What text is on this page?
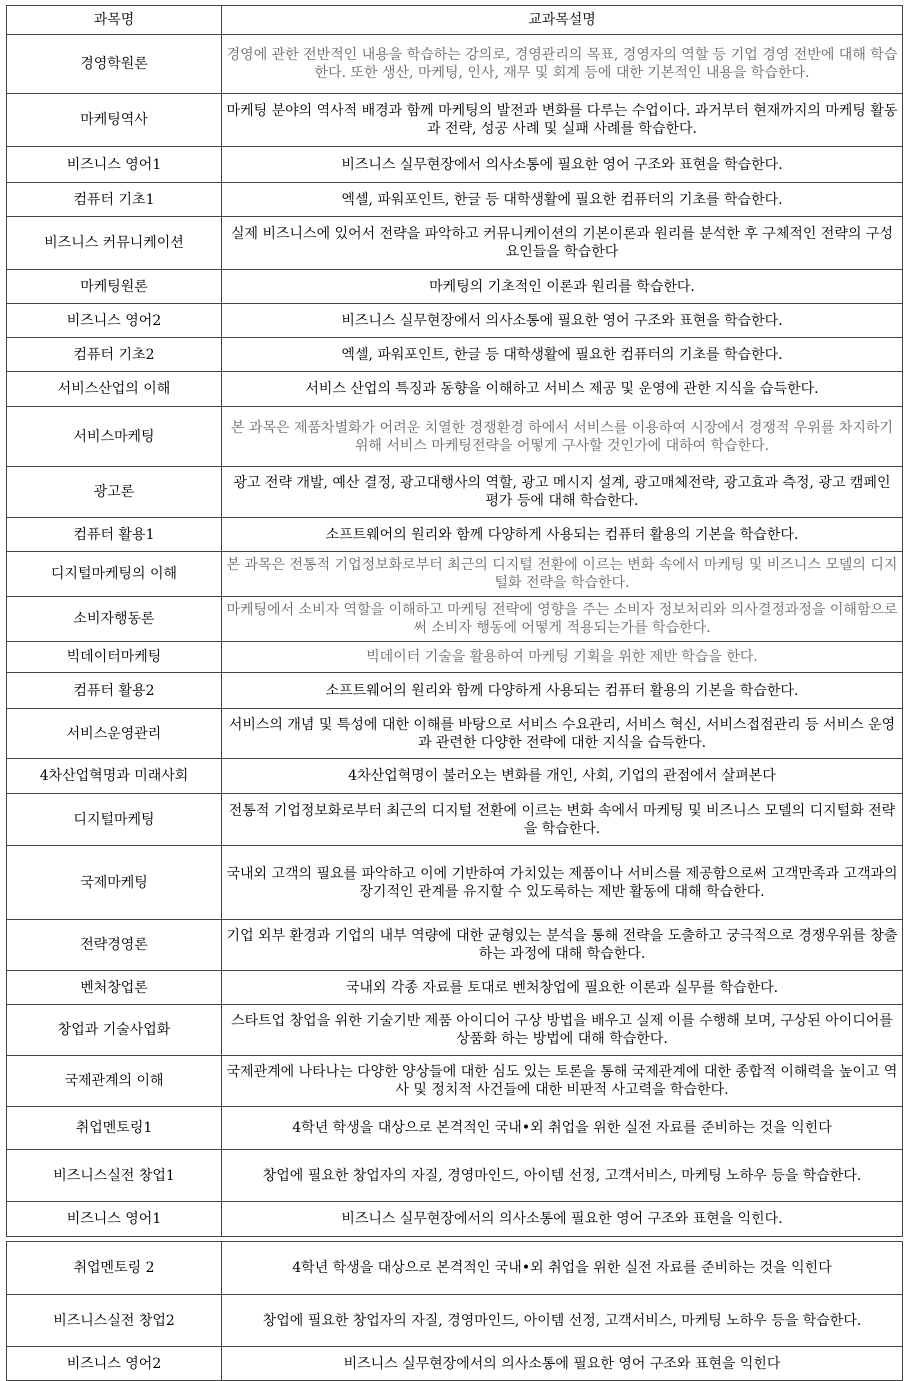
과목명	교과목설명
경영학원론	경영에 관한 전반적인 내용을 학습하는 강의로, 경영관리의 목표, 경영자의 역할 등 기업 경영 전반에 대해 학습한다. 또한 생산, 마케팅, 인사, 재무 및 회계 등에 대한 기본적인 내용을 학습한다.
마케팅역사	마케팅 분야의 역사적 배경과 함께 마케팅의 발전과 변화를 다루는 수업이다. 과거부터 현재까지의 마케팅 활동과 전략, 성공 사례 및 실패 사례를 학습한다.
비즈니스 영어1	비즈니스 실무현장에서 의사소통에 필요한 영어 구조와 표현을 학습한다.
컴퓨터 기초1	엑셀, 파워포인트, 한글 등 대학생활에 필요한 컴퓨터의 기초를 학습한다.
비즈니스 커뮤니케이션	실제 비즈니스에 있어서 전략을 파악하고 커뮤니케이션의 기본이론과 원리를 분석한 후 구체적인 전략의 구성요인들을 학습한다
마케팅원론	마케팅의 기초적인 이론과 원리를 학습한다.
비즈니스 영어2	비즈니스 실무현장에서 의사소통에 필요한 영어 구조와 표현을 학습한다.
컴퓨터 기초2	엑셀, 파워포인트, 한글 등 대학생활에 필요한 컴퓨터의 기초를 학습한다.
서비스산업의 이해	서비스 산업의 특징과 동향을 이해하고 서비스 제공 및 운영에 관한 지식을 습득한다.
서비스마케팅	본 과목은 제품차별화가 어려운 치열한 경쟁환경 하에서 서비스를 이용하여 시장에서 경쟁적 우위를 차지하기 위해 서비스 마케팅전략을 어떻게 구사할 것인가에 대하여 학습한다.
광고론	광고 전략 개발, 예산 결정, 광고대행사의 역할, 광고 메시지 설계, 광고매체전략, 광고효과 측정, 광고 캠페인 평가 등에 대해 학습한다.
컴퓨터 활용1	소프트웨어의 원리와 함께 다양하게 사용되는 컴퓨터 활용의 기본을 학습한다.
디지털마케팅의 이해	본 과목은 전통적 기업정보화로부터 최근의 디지털 전환에 이르는 변화 속에서 마케팅 및 비즈니스 모델의 디지털화 전략을 학습한다.
소비자행동론	마케팅에서 소비자 역할을 이해하고 마케팅 전략에 영향을 주는 소비자 정보처리와 의사결정과정을 이해함으로써 소비자 행동에 어떻게 적용되는가를 학습한다.
빅데이터마케팅	빅데이터 기술을 활용하여 마케팅 기획을 위한 제반 학습을 한다.
컴퓨터 활용2	소프트웨어의 원리와 함께 다양하게 사용되는 컴퓨터 활용의 기본을 학습한다.
서비스운영관리	서비스의 개념 및 특성에 대한 이해를 바탕으로 서비스 수요관리, 서비스 혁신, 서비스접점관리 등 서비스 운영과 관련한 다양한 전략에 대한 지식을 습득한다.
4차산업혁명과 미래사회	4차산업혁명이 불러오는 변화를 개인, 사회, 기업의 관점에서 살펴본다
디지털마케팅	전통적 기업정보화로부터 최근의 디지털 전환에 이르는 변화 속에서 마케팅 및 비즈니스 모델의 디지털화 전략을 학습한다.
국제마케팅	국내외 고객의 필요를 파악하고 이에 기반하여 가치있는 제품이나 서비스를 제공함으로써 고객만족과 고객과의 장기적인 관계를 유지할 수 있도록하는 제반 활동에 대해 학습한다.
전략경영론	기업 외부 환경과 기업의 내부 역량에 대한 균형있는 분석을 통해 전략을 도출하고 궁극적으로 경쟁우위를 창출하는 과정에 대해 학습한다.
벤처창업론	국내외 각종 자료를 토대로 벤처창업에 필요한 이론과 실무를 학습한다.
창업과 기술사업화	스타트업 창업을 위한 기술기반 제품 아이디어 구상 방법을 배우고 실제 이를 수행해 보며, 구상된 아이디어를 상품화 하는 방법에 대해 학습한다.
국제관계의 이해	국제관계에 나타나는 다양한 양상들에 대한 심도 있는 토론을 통해 국제관계에 대한 종합적 이해력을 높이고 역사 및 정치적 사건들에 대한 비판적 사고력을 학습한다.
취업멘토링1	4학년 학생을 대상으로 본격적인 국내•외 취업을 위한 실전 자료를 준비하는 것을 익힌다
비즈니스실전 창업1	창업에 필요한 창업자의 자질, 경영마인드, 아이템 선정, 고객서비스, 마케팅 노하우 등을 학습한다.
비즈니스 영어1	비즈니스 실무현장에서의 의사소통에 필요한 영어 구조와 표현을 익힌다.

취업멘토링 2	4학년 학생을 대상으로 본격적인 국내•외 취업을 위한 실전 자료를 준비하는 것을 익힌다
비즈니스실전 창업2	창업에 필요한 창업자의 자질, 경영마인드, 아이템 선정, 고객서비스, 마케팅 노하우 등을 학습한다.
비즈니스 영어2	비즈니스 실무현장에서의 의사소통에 필요한 영어 구조와 표현을 익힌다
